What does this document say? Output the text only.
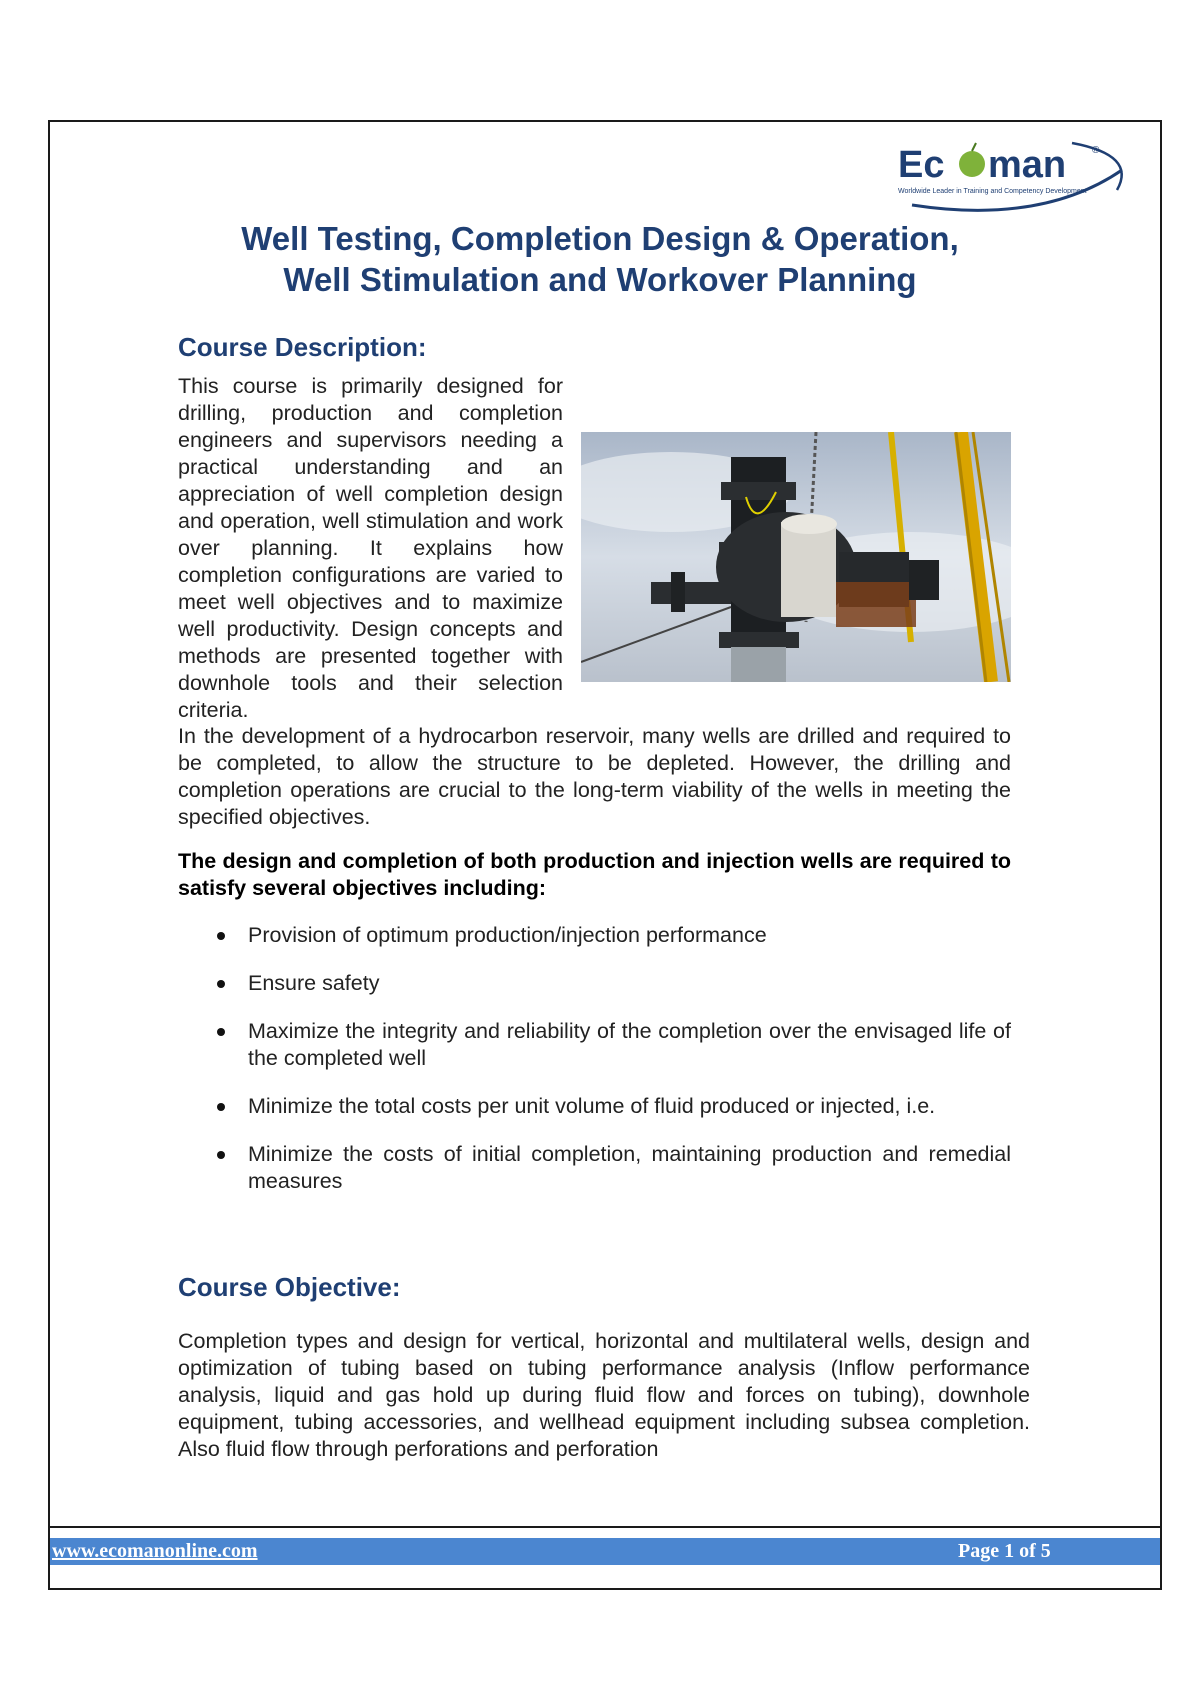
Ec man	®
Worldwide Leader in Training and Competency Development
Well Testing, Completion Design & Operation,
Well Stimulation and Workover Planning
Course Description:
This course is primarily designed for drilling, production and completion engineers and supervisors needing a practical understanding and an appreciation of well completion design and operation, well stimulation and work over planning. It explains how completion configurations are varied to meet well objectives and to maximize well productivity. Design concepts and methods are presented together with downhole tools and their selection criteria.

In the development of a hydrocarbon reservoir, many wells are drilled and required to be completed, to allow the structure to be depleted. However, the drilling and completion operations are crucial to the long-term viability of the wells in meeting the specified objectives.

The design and completion of both production and injection wells are required to satisfy several objectives including:

Provision of optimum production/injection performance
Ensure safety
Maximize the integrity and reliability of the completion over the envisaged life of the completed well
Minimize the total costs per unit volume of fluid produced or injected, i.e.
Minimize the costs of initial completion, maintaining production and remedial measures
Course Objective:

Completion types and design for vertical, horizontal and multilateral wells, design and optimization of tubing based on tubing performance analysis (Inflow performance analysis, liquid and gas hold up during fluid flow and forces on tubing), downhole equipment, tubing accessories, and wellhead equipment including subsea completion. Also fluid flow through perforations and perforation

www.ecomanonline.com	Page 1 of 5
